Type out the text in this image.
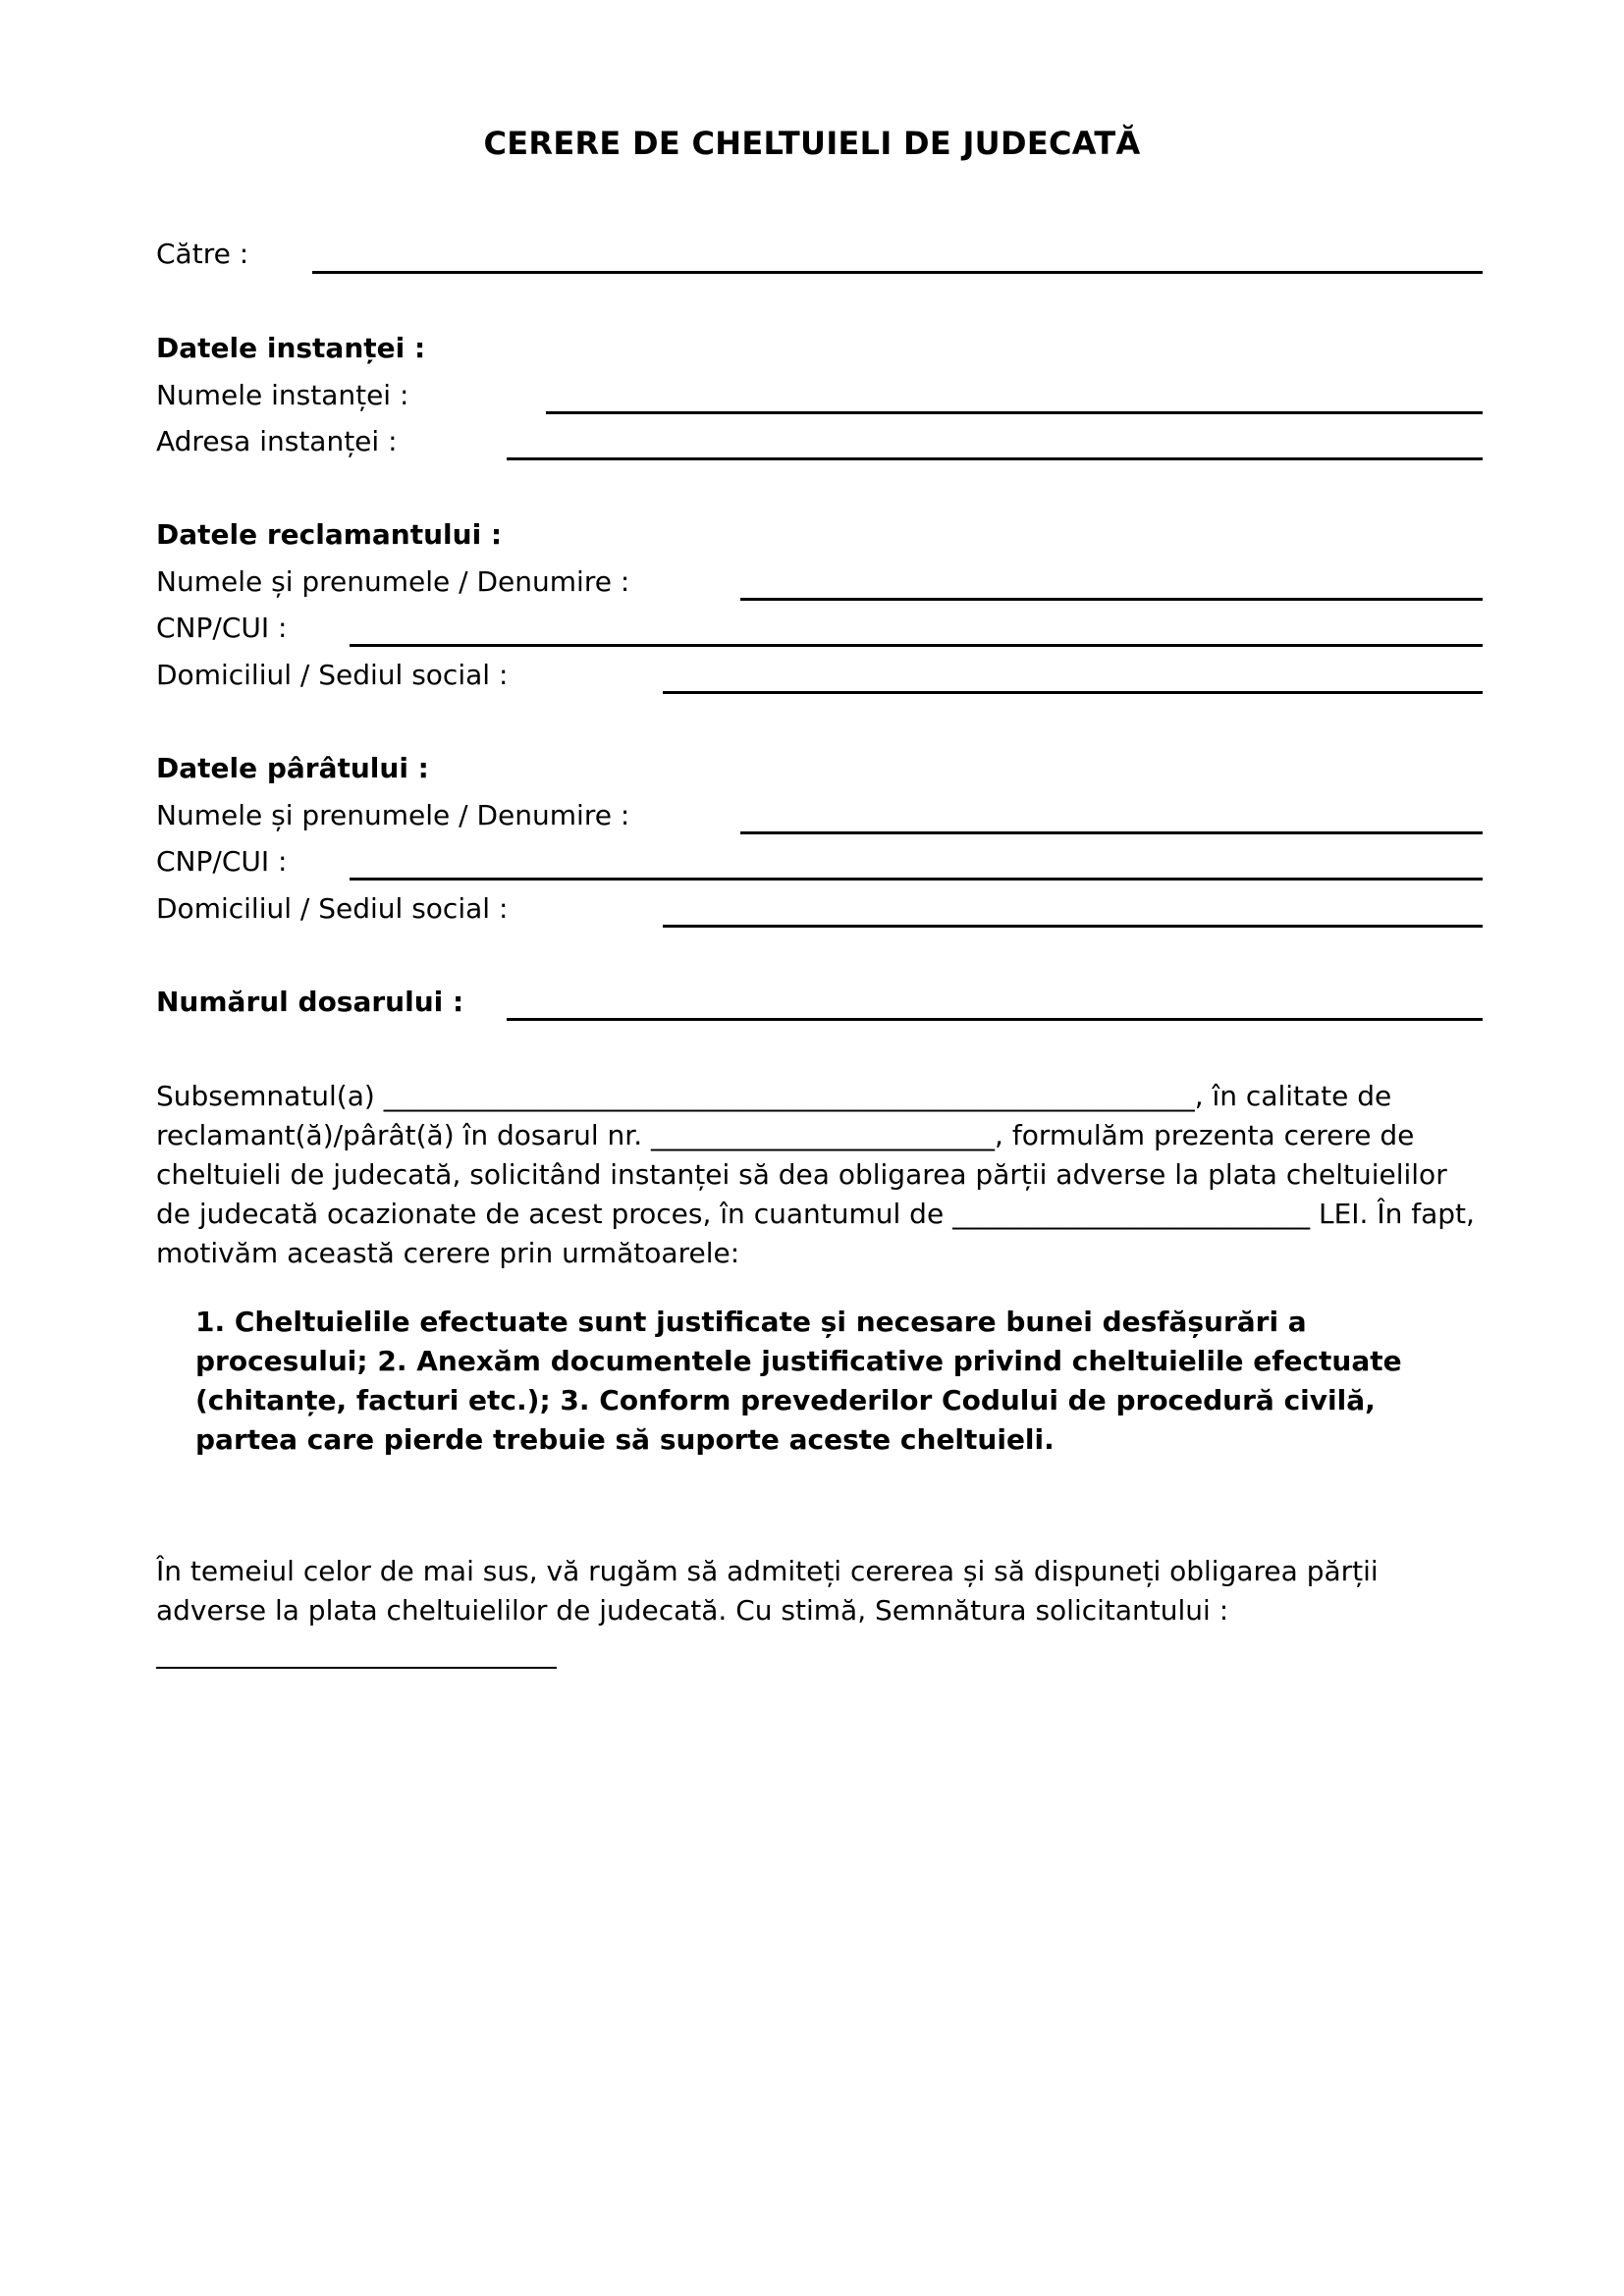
CERERE DE CHELTUIELI DE JUDECATĂ
Către :
Datele instanței :
Numele instanței :
Adresa instanței :
Datele reclamantului :
Numele și prenumele / Denumire :
CNP/CUI :
Domiciliul / Sediul social :
Datele pârâtului :
Numele și prenumele / Denumire :
CNP/CUI :
Domiciliul / Sediul social :
Numărul dosarului :
Subsemnatul(a) ___________________________________________________________, în calitate de
reclamant(ă)/pârât(ă) în dosarul nr. _________________________, formulăm prezenta cerere de
cheltuieli de judecată, solicitând instanței să dea obligarea părții adverse la plata cheltuielilor
de judecată ocazionate de acest proces, în cuantumul de __________________________ LEI. În fapt,
motivăm această cerere prin următoarele:
1. Cheltuielile efectuate sunt justificate și necesare bunei desfășurări a
procesului; 2. Anexăm documentele justificative privind cheltuielile efectuate
(chitanțe, facturi etc.); 3. Conform prevederilor Codului de procedură civilă,
partea care pierde trebuie să suporte aceste cheltuieli.
În temeiul celor de mai sus, vă rugăm să admiteți cererea și să dispuneți obligarea părții
adverse la plata cheltuielilor de judecată. Cu stimă, Semnătura solicitantului :
